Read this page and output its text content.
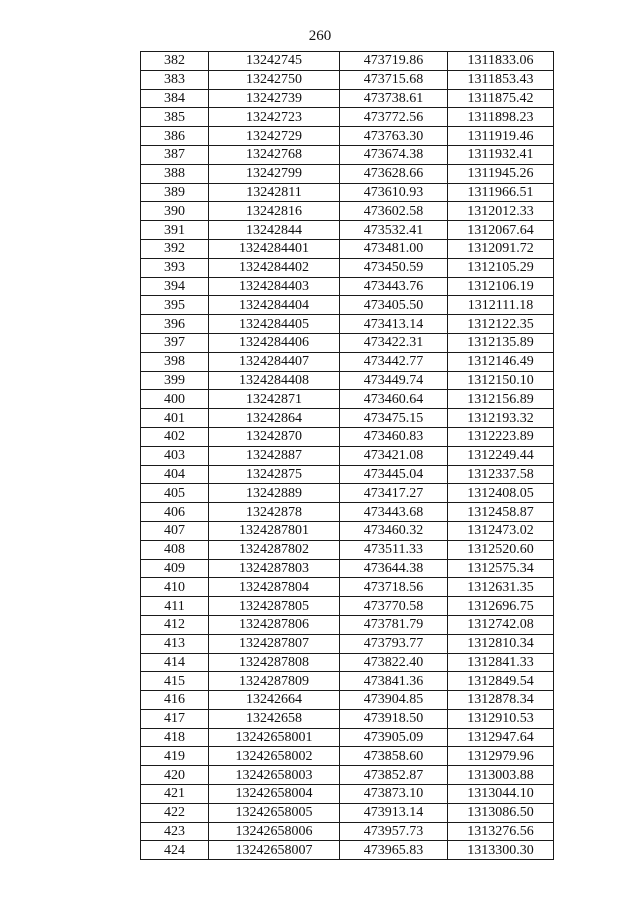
260
382	13242745	473719.86	1311833.06
383	13242750	473715.68	1311853.43
384	13242739	473738.61	1311875.42
385	13242723	473772.56	1311898.23
386	13242729	473763.30	1311919.46
387	13242768	473674.38	1311932.41
388	13242799	473628.66	1311945.26
389	13242811	473610.93	1311966.51
390	13242816	473602.58	1312012.33
391	13242844	473532.41	1312067.64
392	1324284401	473481.00	1312091.72
393	1324284402	473450.59	1312105.29
394	1324284403	473443.76	1312106.19
395	1324284404	473405.50	1312111.18
396	1324284405	473413.14	1312122.35
397	1324284406	473422.31	1312135.89
398	1324284407	473442.77	1312146.49
399	1324284408	473449.74	1312150.10
400	13242871	473460.64	1312156.89
401	13242864	473475.15	1312193.32
402	13242870	473460.83	1312223.89
403	13242887	473421.08	1312249.44
404	13242875	473445.04	1312337.58
405	13242889	473417.27	1312408.05
406	13242878	473443.68	1312458.87
407	1324287801	473460.32	1312473.02
408	1324287802	473511.33	1312520.60
409	1324287803	473644.38	1312575.34
410	1324287804	473718.56	1312631.35
411	1324287805	473770.58	1312696.75
412	1324287806	473781.79	1312742.08
413	1324287807	473793.77	1312810.34
414	1324287808	473822.40	1312841.33
415	1324287809	473841.36	1312849.54
416	13242664	473904.85	1312878.34
417	13242658	473918.50	1312910.53
418	13242658001	473905.09	1312947.64
419	13242658002	473858.60	1312979.96
420	13242658003	473852.87	1313003.88
421	13242658004	473873.10	1313044.10
422	13242658005	473913.14	1313086.50
423	13242658006	473957.73	1313276.56
424	13242658007	473965.83	1313300.30
